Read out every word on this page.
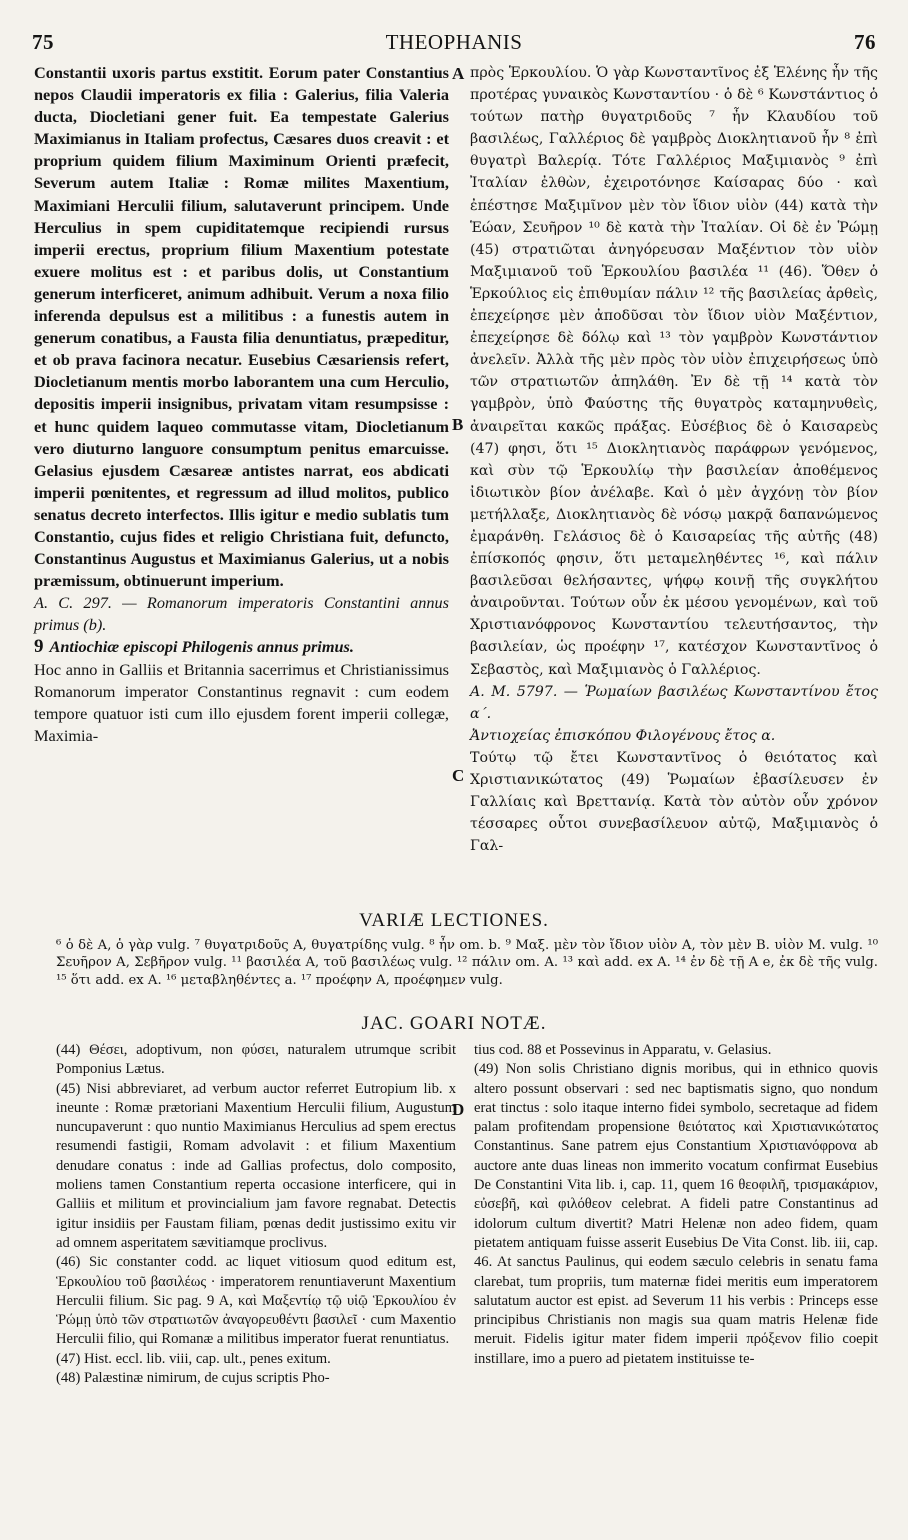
75	THEOPHANIS	76

Constantii uxoris partus exstitit. Eorum pater Constantius nepos Claudii imperatoris ex filia : Galerius, filia Valeria ducta, Diocletiani gener fuit. Ea tempestate Galerius Maximianus in Italiam profectus, Cæsares duos creavit : et proprium quidem filium Maximinum Orienti præfecit, Severum autem Italiæ : Romæ milites Maxentium, Maximiani Herculii filium, salutaverunt principem. Unde Herculius in spem cupiditatemque recipiendi rursus imperii erectus, proprium filium Maxentium potestate exuere molitus est : et paribus dolis, ut Constantium generum interficeret, animum adhibuit. Verum a noxa filio inferenda depulsus est a militibus : a funestis autem in generum conatibus, a Fausta filia denuntiatus, præpeditur, et ob prava facinora necatur. Eusebius Cæsariensis refert, Diocletianum mentis morbo laborantem una cum Herculio, depositis imperii insignibus, privatam vitam resumpsisse : et hunc quidem laqueo commutasse vitam, Diocletianum vero diuturno languore consumptum penitus emarcuisse. Gelasius ejusdem Cæsareæ antistes narrat, eos abdicati imperii pœnitentes, et regressum ad illud molitos, publico senatus decreto interfectos. Illis igitur e medio sublatis tum Constantio, cujus fides et religio Christiana fuit, defuncto, Constantinus Augustus et Maximianus Galerius, ut a nobis præmissum, obtinuerunt imperium.

A. C. 297. — Romanorum imperatoris Constantini annus primus (b).

9 Antiochiæ episcopi Philogenis annus primus.

Hoc anno in Galliis et Britannia sacerrimus et Christianissimus Romanorum imperator Constantinus regnavit : cum eodem tempore quatuor isti cum illo ejusdem forent imperii collegæ, Maximia-

A
B
C
D

πρὸς Ἑρκουλίου. Ὁ γὰρ Κωνσταντῖνος ἐξ Ἑλένης ἦν τῆς προτέρας γυναικὸς Κωνσταντίου · ὁ δὲ ⁶ Κωνστάντιος ὁ τούτων πατὴρ θυγατριδοῦς ⁷ ἦν Κλαυδίου τοῦ βασιλέως, Γαλλέριος δὲ γαμβρὸς Διοκλητιανοῦ ἦν ⁸ ἐπὶ θυγατρὶ Βαλερίᾳ. Τότε Γαλλέριος Μαξιμιανὸς ⁹ ἐπὶ Ἰταλίαν ἐλθὼν, ἐχειροτόνησε Καίσαρας δύο · καὶ ἐπέστησε Μαξιμῖνον μὲν τὸν ἴδιον υἱὸν (44) κατὰ τὴν Ἑώαν, Σευῆρον ¹⁰ δὲ κατὰ τὴν Ἰταλίαν. Οἱ δὲ ἐν Ῥώμῃ (45) στρατιῶται ἀνηγόρευσαν Μαξέντιον τὸν υἱὸν Μαξιμιανοῦ τοῦ Ἑρκουλίου βασιλέα ¹¹ (46). Ὅθεν ὁ Ἑρκούλιος εἰς ἐπιθυμίαν πάλιν ¹² τῆς βασιλείας ἀρθεὶς, ἐπεχείρησε μὲν ἀποδῦσαι τὸν ἴδιον υἱὸν Μαξέντιον, ἐπεχείρησε δὲ δόλῳ καὶ ¹³ τὸν γαμβρὸν Κωνστάντιον ἀνελεῖν. Ἀλλὰ τῆς μὲν πρὸς τὸν υἱὸν ἐπιχειρήσεως ὑπὸ τῶν στρατιωτῶν ἀπηλάθη. Ἐν δὲ τῇ ¹⁴ κατὰ τὸν γαμβρὸν, ὑπὸ Φαύστης τῆς θυγατρὸς καταμηνυθεὶς, ἀναιρεῖται κακῶς πράξας. Εὐσέβιος δὲ ὁ Καισαρεὺς (47) φησι, ὅτι ¹⁵ Διοκλητιανὸς παράφρων γενόμενος, καὶ σὺν τῷ Ἑρκουλίῳ τὴν βασιλείαν ἀποθέμενος ἰδιωτικὸν βίον ἀνέλαβε. Καὶ ὁ μὲν ἀγχόνῃ τὸν βίον μετήλλαξε, Διοκλητιανὸς δὲ νόσῳ μακρᾷ δαπανώμενος ἐμαράνθη. Γελάσιος δὲ ὁ Καισαρείας τῆς αὐτῆς (48) ἐπίσκοπός φησιν, ὅτι μεταμεληθέντες ¹⁶, καὶ πάλιν βασιλεῦσαι θελήσαντες, ψήφῳ κοινῇ τῆς συγκλήτου ἀναιροῦνται. Τούτων οὖν ἐκ μέσου γενομένων, καὶ τοῦ Χριστιανόφρονος Κωνσταντίου τελευτήσαντος, τὴν βασιλείαν, ὡς προέφην ¹⁷, κατέσχον Κωνσταντῖνος ὁ Σεβαστὸς, καὶ Μαξιμιανὸς ὁ Γαλλέριος.

A. M. 5797. — Ῥωμαίων βασιλέως Κωνσταντίνου ἔτος α΄.

Ἀντιοχείας ἐπισκόπου Φιλογένους ἔτος α.

Τούτῳ τῷ ἔτει Κωνσταντῖνος ὁ θειότατος καὶ Χριστιανικώτατος (49) Ῥωμαίων ἐβασίλευσεν ἐν Γαλλίαις καὶ Βρεττανίᾳ. Κατὰ τὸν αὐτὸν οὖν χρόνον τέσσαρες οὗτοι συνεβασίλευον αὐτῷ, Μαξιμιανὸς ὁ Γαλ-

VARIÆ LECTIONES.
⁶ ὁ δὲ A, ὁ γὰρ vulg. ⁷ θυγατριδοῦς A, θυγατρίδης vulg. ⁸ ἦν om. b. ⁹ Μαξ. μὲν τὸν ἴδιον υἱὸν A, τὸν μὲν B. υἱὸν M. vulg. ¹⁰ Σευῆρον A, Σεβῆρον vulg. ¹¹ βασιλέα A, τοῦ βασιλέως vulg. ¹² πάλιν om. A. ¹³ καὶ add. ex A. ¹⁴ ἐν δὲ τῇ A e, ἐκ δὲ τῆς vulg. ¹⁵ ὅτι add. ex A. ¹⁶ μεταβληθέντες a. ¹⁷ προέφην A, προέφημεν vulg.
JAC. GOARI NOTÆ.

(44) Θέσει, adoptivum, non φύσει, naturalem utrumque scribit Pomponius Lætus.

(45) Nisi abbreviaret, ad verbum auctor referret Eutropium lib. x ineunte : Romæ prætoriani Maxentium Herculii filium, Augustum nuncupaverunt : quo nuntio Maximianus Herculius ad spem erectus resumendi fastigii, Romam advolavit : et filium Maxentium denudare conatus : inde ad Gallias profectus, dolo composito, moliens tamen Constantium reperta occasione interficere, qui in Galliis et militum et provincialium jam favore regnabat. Detectis igitur insidiis per Faustam filiam, pœnas dedit justissimo exitu vir ad omnem asperitatem sævitiamque proclivus.

(46) Sic constanter codd. ac liquet vitiosum quod editum est, Ἑρκουλίου τοῦ βασιλέως · imperatorem renuntiaverunt Maxentium Herculii filium. Sic pag. 9 A, καὶ Μαξεντίῳ τῷ υἱῷ Ἑρκουλίου ἐν Ῥώμῃ ὑπὸ τῶν στρατιωτῶν ἀναγορευθέντι βασιλεῖ · cum Maxentio Herculii filio, qui Romanæ a militibus imperator fuerat renuntiatus.

(47) Hist. eccl. lib. viii, cap. ult., penes exitum.

(48) Palæstinæ nimirum, de cujus scriptis Pho-

tius cod. 88 et Possevinus in Apparatu, v. Gelasius.

(49) Non solis Christiano dignis moribus, qui in ethnico quovis altero possunt observari : sed nec baptismatis signo, quo nondum erat tinctus : solo itaque interno fidei symbolo, secretaque ad fidem palam profitendam propensione θειότατος καὶ Χριστιανικώτατος Constantinus. Sane patrem ejus Constantium Χριστιανόφρονα ab auctore ante duas lineas non immerito vocatum confirmat Eusebius De Constantini Vita lib. i, cap. 11, quem 16 θεοφιλῆ, τρισμακάριον, εὐσεβῆ, καὶ φιλόθεον celebrat. A fideli patre Constantinus ad idolorum cultum divertit? Matri Helenæ non adeo fidem, quam pietatem antiquam fuisse asserit Eusebius De Vita Const. lib. iii, cap. 46. At sanctus Paulinus, qui eodem sæculo celebris in senatu fama clarebat, tum propriis, tum maternæ fidei meritis eum imperatorem salutatum auctor est epist. ad Severum 11 his verbis : Princeps esse principibus Christianis non magis sua quam matris Helenæ fide meruit. Fidelis igitur mater fidem imperii πρόξενον filio coepit instillare, imo a puero ad pietatem instituisse te-
